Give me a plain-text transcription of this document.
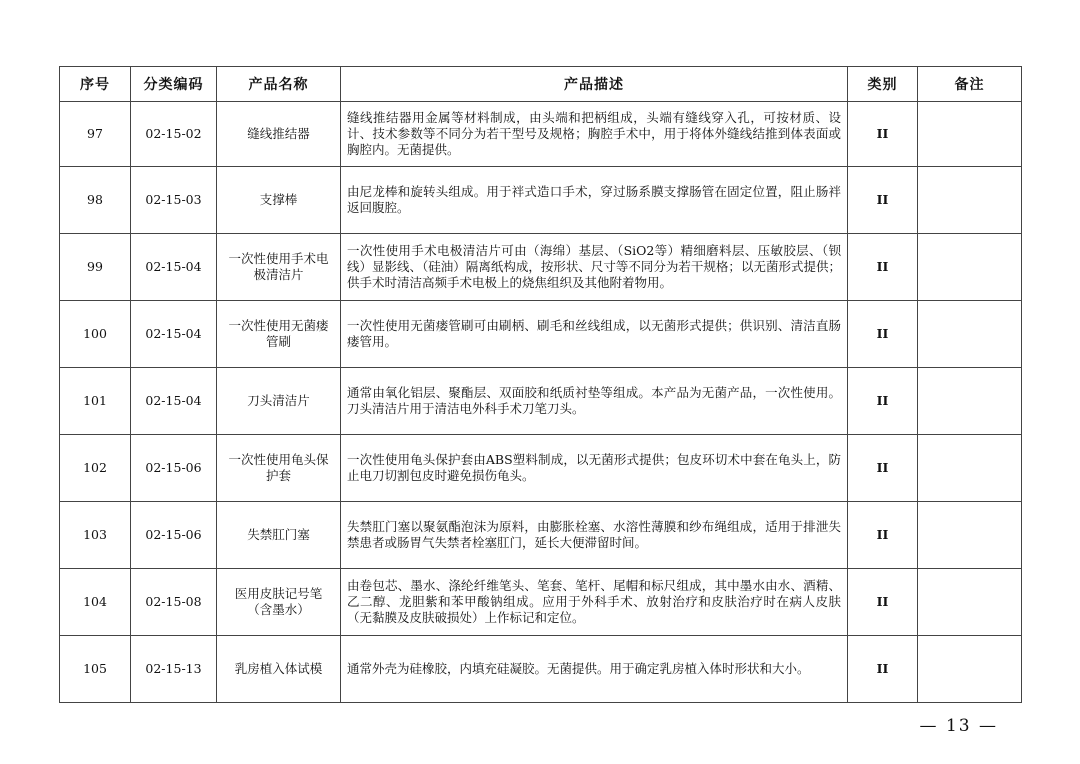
序号	分类编码	产品名称	产品描述	类别	备注
97	02-15-02	缝线推结器	缝线推结器用金属等材料制成，由头端和把柄组成，头端有缝线穿入孔，可按材质、设计、技术参数等不同分为若干型号及规格；胸腔手术中，用于将体外缝线结推到体表面或胸腔内。无菌提供。	II	
98	02-15-03	支撑棒	由尼龙棒和旋转头组成。用于袢式造口手术，穿过肠系膜支撑肠管在固定位置，阻止肠袢返回腹腔。	II	
99	02-15-04	一次性使用手术电极清洁片	一次性使用手术电极清洁片可由（海绵）基层、（SiO2等）精细磨料层、压敏胶层、（钡线）显影线、（硅油）隔离纸构成，按形状、尺寸等不同分为若干规格；以无菌形式提供；供手术时清洁高频手术电极上的烧焦组织及其他附着物用。	II	
100	02-15-04	一次性使用无菌瘘管刷	一次性使用无菌瘘管刷可由刷柄、刷毛和丝线组成，以无菌形式提供；供识别、清洁直肠瘘管用。	II	
101	02-15-04	刀头清洁片	通常由氧化铝层、聚酯层、双面胶和纸质衬垫等组成。本产品为无菌产品，一次性使用。刀头清洁片用于清洁电外科手术刀笔刀头。	II	
102	02-15-06	一次性使用龟头保护套	一次性使用龟头保护套由ABS塑料制成，以无菌形式提供；包皮环切术中套在龟头上，防止电刀切割包皮时避免损伤龟头。	II	
103	02-15-06	失禁肛门塞	失禁肛门塞以聚氨酯泡沫为原料，由膨胀栓塞、水溶性薄膜和纱布绳组成，适用于排泄失禁患者或肠胃气失禁者栓塞肛门，延长大便滞留时间。	II	
104	02-15-08	医用皮肤记号笔（含墨水）	由卷包芯、墨水、涤纶纤维笔头、笔套、笔杆、尾帽和标尺组成，其中墨水由水、酒精、乙二醇、龙胆紫和苯甲酸钠组成。应用于外科手术、放射治疗和皮肤治疗时在病人皮肤（无黏膜及皮肤破损处）上作标记和定位。	II	
105	02-15-13	乳房植入体试模	通常外壳为硅橡胶，内填充硅凝胶。无菌提供。用于确定乳房植入体时形状和大小。	II	
— 13 —
